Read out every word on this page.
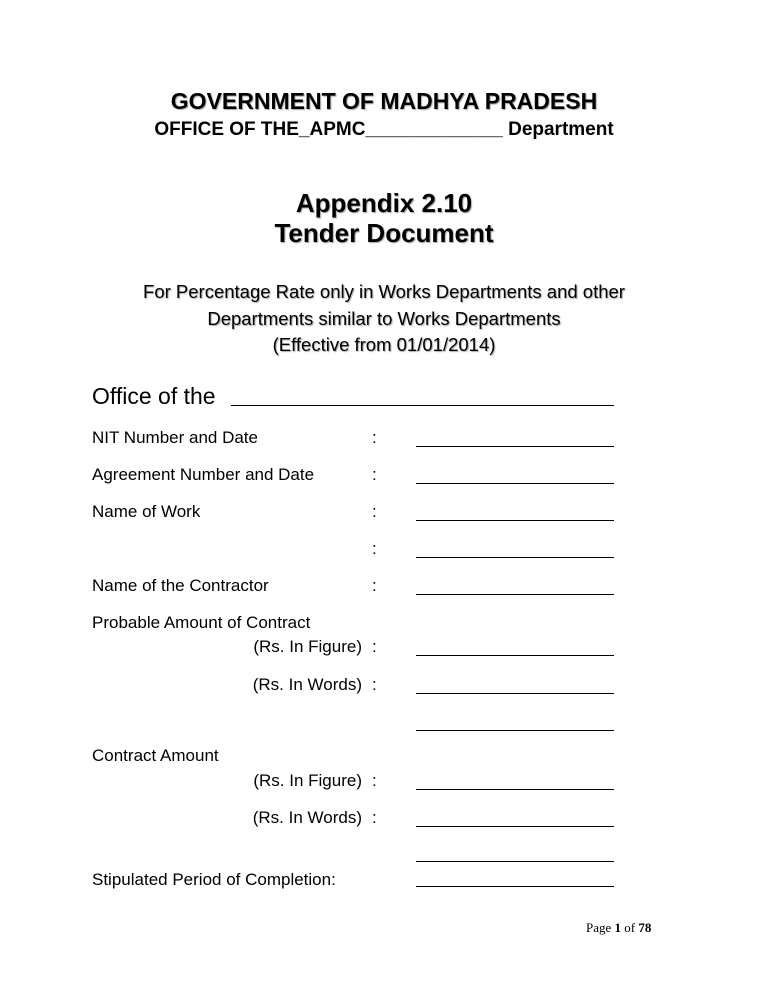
GOVERNMENT OF MADHYA PRADESH
OFFICE OF THE_APMC_____________ Department
Appendix 2.10
Tender Document
For Percentage Rate only in Works Departments and other
Departments similar to Works Departments
(Effective from 01/01/2014)
Office of the
NIT Number and Date	:
Agreement Number and Date	:
Name of Work	:
:
Name of the Contractor	:
Probable Amount of Contract
(Rs. In Figure) :
(Rs. In Words) :
Contract Amount
(Rs. In Figure) :
(Rs. In Words) :
Stipulated Period of Completion:
Page 1 of 78
